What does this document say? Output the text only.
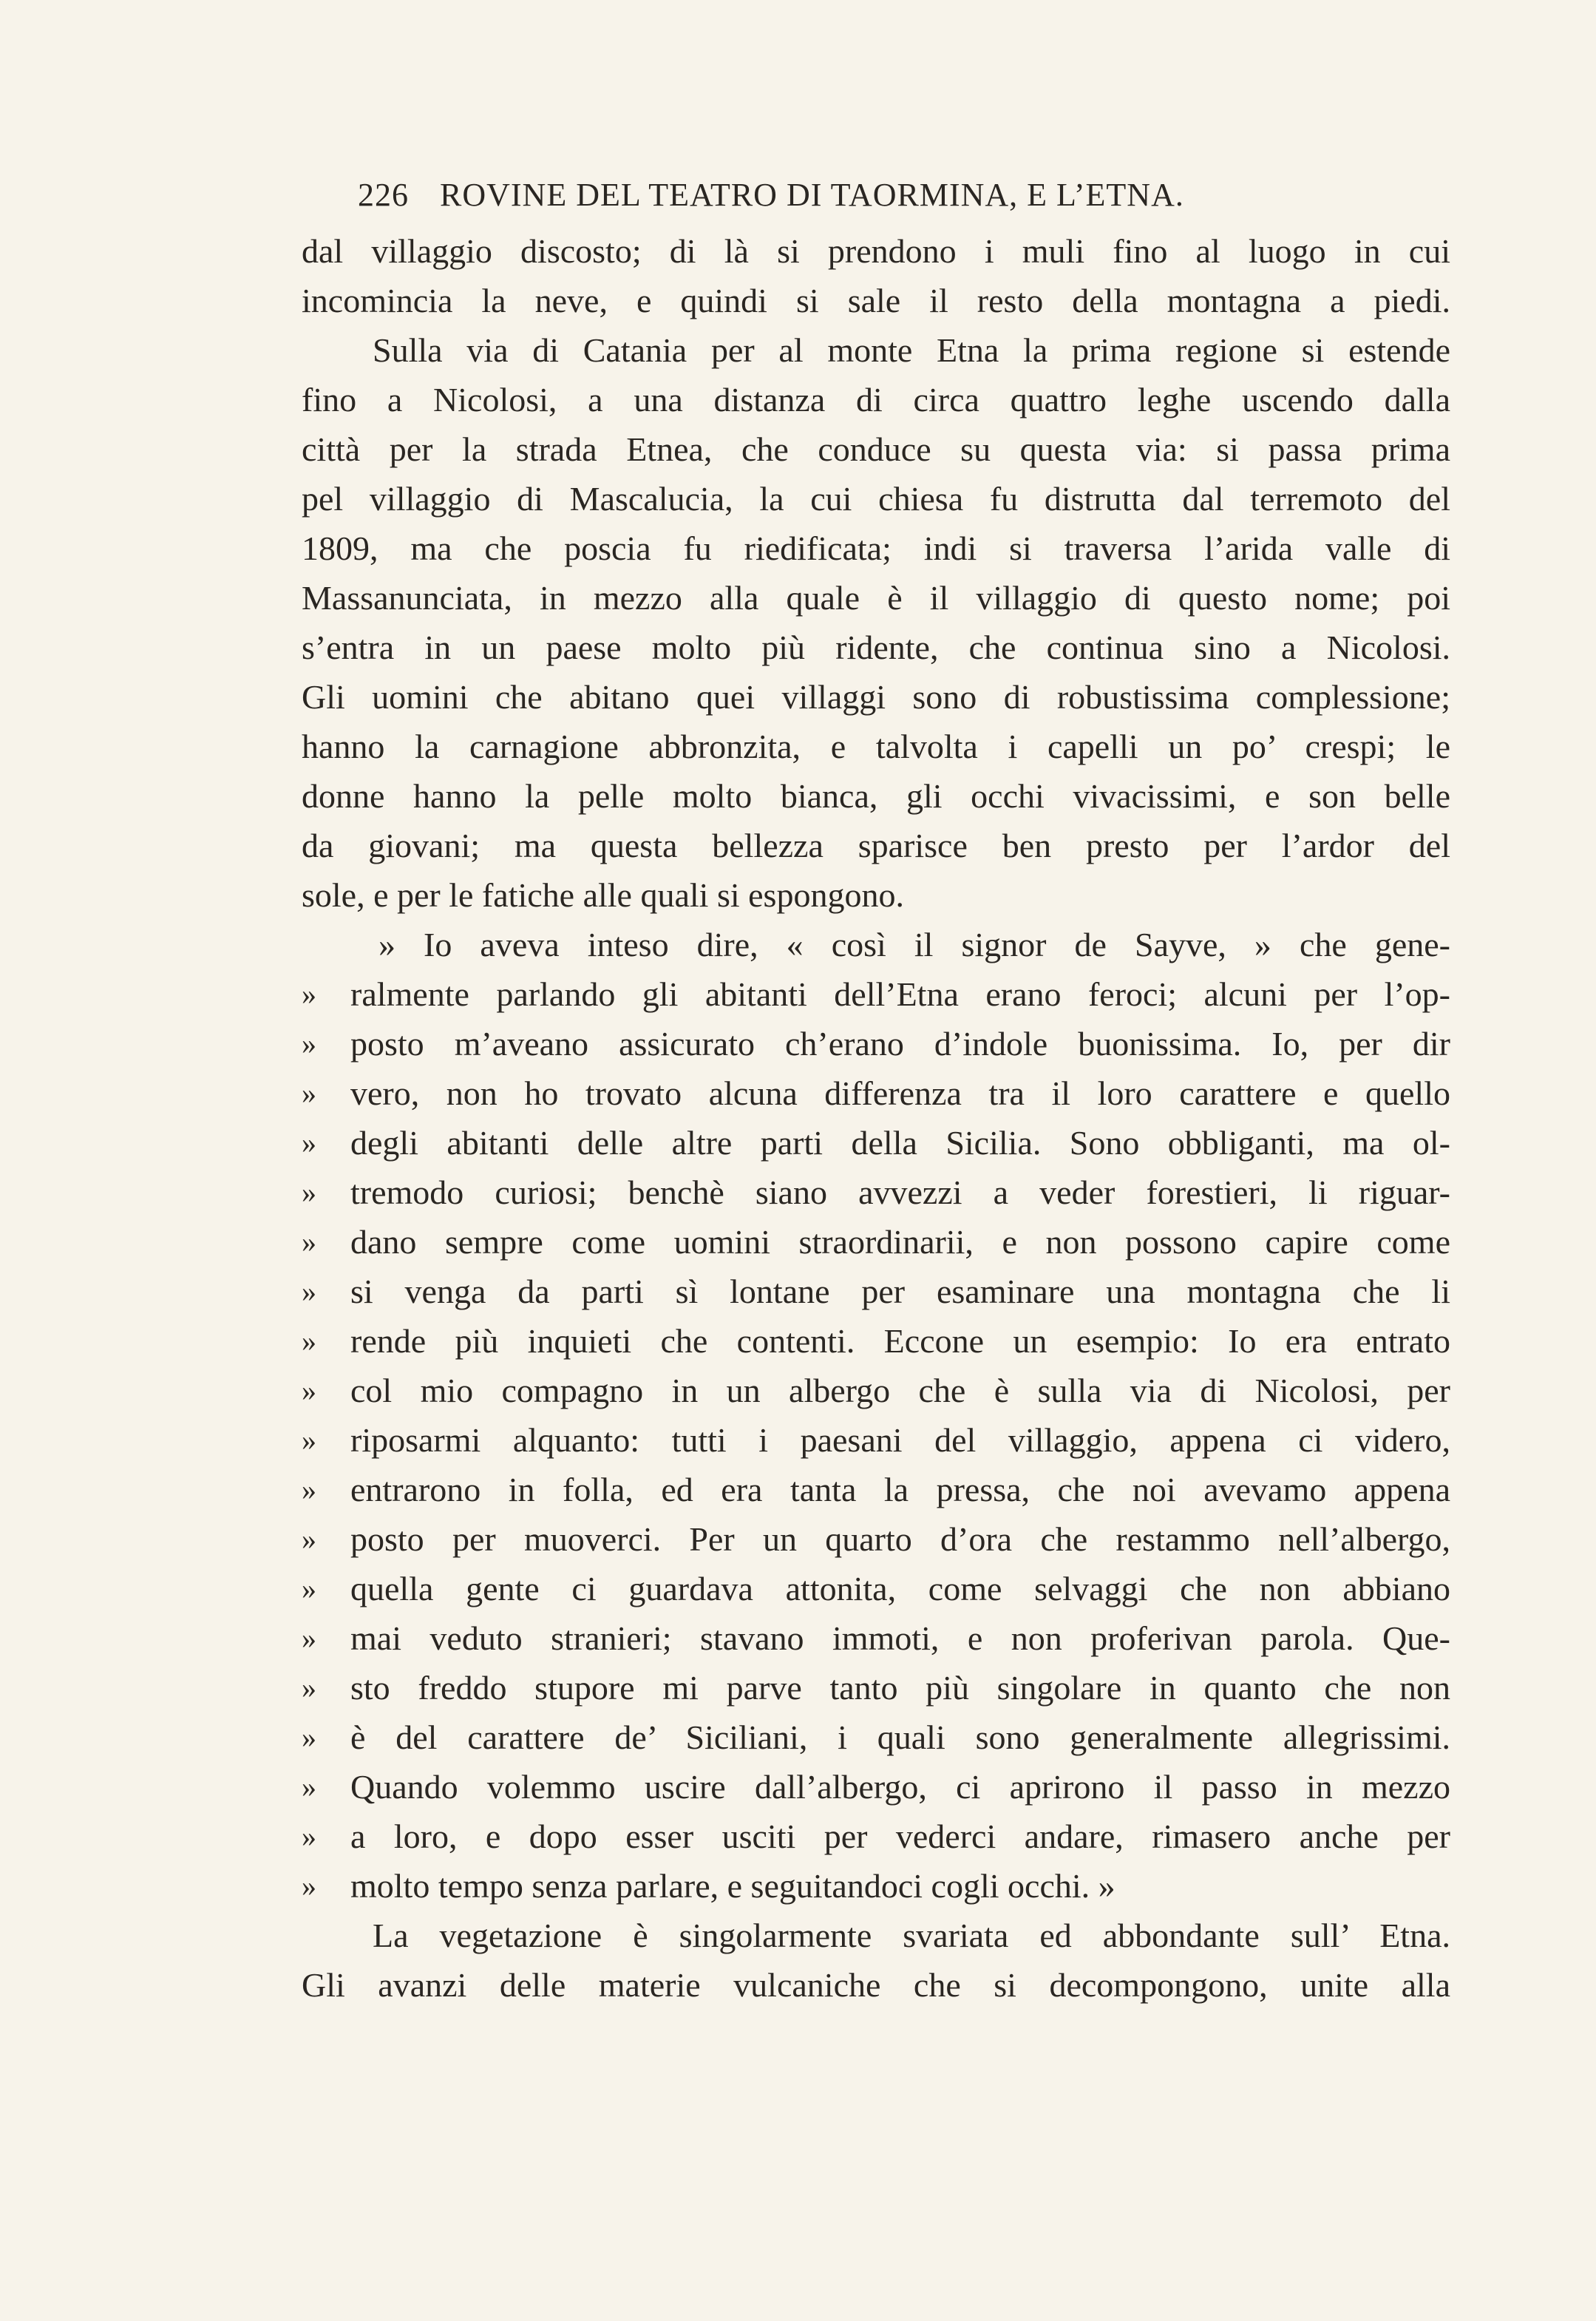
226 ROVINE DEL TEATRO DI TAORMINA, E L’ETNA.
dal villaggio discosto; di là si prendono i muli fino al luogo in cui
incomincia la neve, e quindi si sale il resto della montagna a piedi.
Sulla via di Catania per al monte Etna la prima regione si estende
fino a Nicolosi, a una distanza di circa quattro leghe uscendo dalla
città per la strada Etnea, che conduce su questa via: si passa prima
pel villaggio di Mascalucia, la cui chiesa fu distrutta dal terremoto del
1809, ma che poscia fu riedificata; indi si traversa l’arida valle di
Massanunciata, in mezzo alla quale è il villaggio di questo nome; poi
s’entra in un paese molto più ridente, che continua sino a Nicolosi.
Gli uomini che abitano quei villaggi sono di robustissima complessione;
hanno la carnagione abbronzita, e talvolta i capelli un po’ crespi; le
donne hanno la pelle molto bianca, gli occhi vivacissimi, e son belle
da giovani; ma questa bellezza sparisce ben presto per l’ardor del
sole, e per le fatiche alle quali si espongono.
» Io aveva inteso dire, « così il signor de Sayve, » che gene-
» ralmente parlando gli abitanti dell’Etna erano feroci; alcuni per l’op-
» posto m’aveano assicurato ch’erano d’indole buonissima. Io, per dir
» vero, non ho trovato alcuna differenza tra il loro carattere e quello
» degli abitanti delle altre parti della Sicilia. Sono obbliganti, ma ol-
» tremodo curiosi; benchè siano avvezzi a veder forestieri, li riguar-
» dano sempre come uomini straordinarii, e non possono capire come
» si venga da parti sì lontane per esaminare una montagna che li
» rende più inquieti che contenti. Eccone un esempio: Io era entrato
» col mio compagno in un albergo che è sulla via di Nicolosi, per
» riposarmi alquanto: tutti i paesani del villaggio, appena ci videro,
» entrarono in folla, ed era tanta la pressa, che noi avevamo appena
» posto per muoverci. Per un quarto d’ora che restammo nell’albergo,
» quella gente ci guardava attonita, come selvaggi che non abbiano
» mai veduto stranieri; stavano immoti, e non proferivan parola. Que-
» sto freddo stupore mi parve tanto più singolare in quanto che non
» è del carattere de’ Siciliani, i quali sono generalmente allegrissimi.
» Quando volemmo uscire dall’albergo, ci aprirono il passo in mezzo
» a loro, e dopo esser usciti per vederci andare, rimasero anche per
» molto tempo senza parlare, e seguitandoci cogli occhi. »
La vegetazione è singolarmente svariata ed abbondante sull’ Etna.
Gli avanzi delle materie vulcaniche che si decompongono, unite alla
